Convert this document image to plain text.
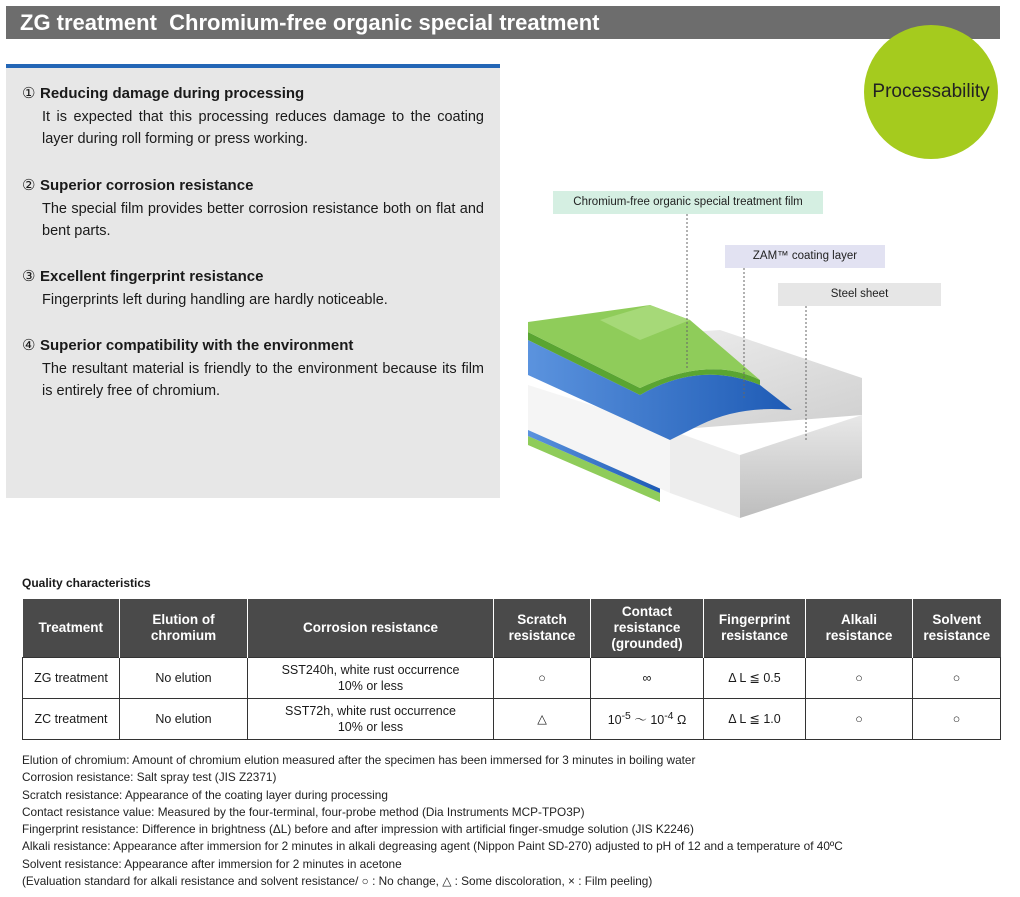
ZG treatment  Chromium-free organic special treatment
① Reducing damage during processing
It is expected that this processing reduces damage to the coating layer during roll forming or press working.
② Superior corrosion resistance
The special film provides better corrosion resistance both on flat and bent parts.
③ Excellent fingerprint resistance
Fingerprints left during handling are hardly noticeable.
④ Superior compatibility with the environment
The resultant material is friendly to the environment because its film is entirely free of chromium.
Processability
Chromium-free organic special treatment film
ZAM™ coating layer
Steel sheet
Quality characteristics
Treatment	Elution of chromium	Corrosion resistance	Scratch resistance	Contact resistance (grounded)	Fingerprint resistance	Alkali resistance	Solvent resistance
ZG treatment	No elution	SST240h, white rust occurrence
10% or less	○	∞	Δ L ≦ 0.5	○	○
ZC treatment	No elution	SST72h, white rust occurrence
10% or less	△	$10^{-5}$ ～ $10^{-4}$ Ω	Δ L ≦ 1.0	○	○
Elution of chromium: Amount of chromium elution measured after the specimen has been immersed for 3 minutes in boiling water
Corrosion resistance: Salt spray test (JIS Z2371)
Scratch resistance: Appearance of the coating layer during processing
Contact resistance value: Measured by the four-terminal, four-probe method (Dia Instruments MCP-TPO3P)
Fingerprint resistance: Difference in brightness (ΔL) before and after impression with artificial finger-smudge solution (JIS K2246)
Alkali resistance: Appearance after immersion for 2 minutes in alkali degreasing agent (Nippon Paint SD-270) adjusted to pH of 12 and a temperature of 40ºC
Solvent resistance: Appearance after immersion for 2 minutes in acetone
(Evaluation standard for alkali resistance and solvent resistance/ ○ : No change, △ : Some discoloration, × : Film peeling)
